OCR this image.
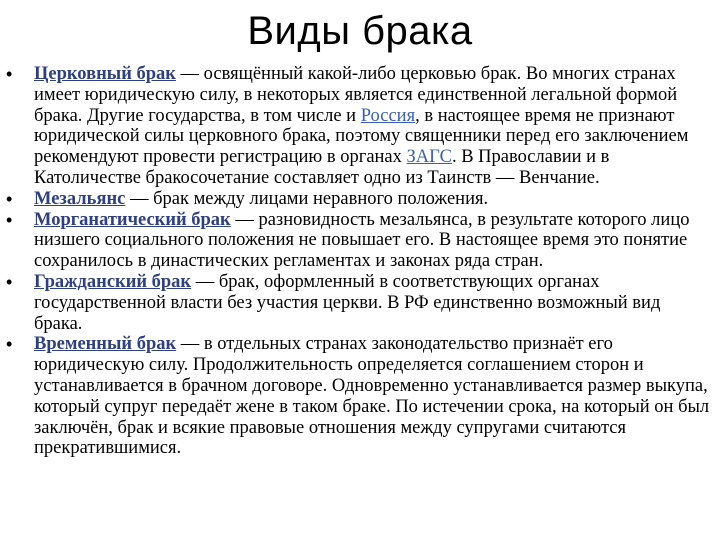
Виды брака
• Церковный брак — освящённый какой-либо церковью брак. Во многих странах имеет юридическую силу, в некоторых является единственной легальной формой брака. Другие государства, в том числе и Россия, в настоящее время не признают юридической силы церковного брака, поэтому священники перед его заключением рекомендуют провести регистрацию в органах ЗАГС. В Православии и в Католичестве бракосочетание составляет одно из Таинств — Венчание.
• Мезальянс — брак между лицами неравного положения.
• Морганатический брак — разновидность мезальянса, в результате которого лицо низшего социального положения не повышает его. В настоящее время это понятие сохранилось в династических регламентах и законах ряда стран.
• Гражданский брак — брак, оформленный в соответствующих органах государственной власти без участия церкви. В РФ единственно возможный вид брака.
• Временный брак — в отдельных странах законодательство признаёт его юридическую силу. Продолжительность определяется соглашением сторон и устанавливается в брачном договоре. Одновременно устанавливается размер выкупа, который супруг передаёт жене в таком браке. По истечении срока, на который он был заключён, брак и всякие правовые отношения между супругами считаются прекратившимися.
